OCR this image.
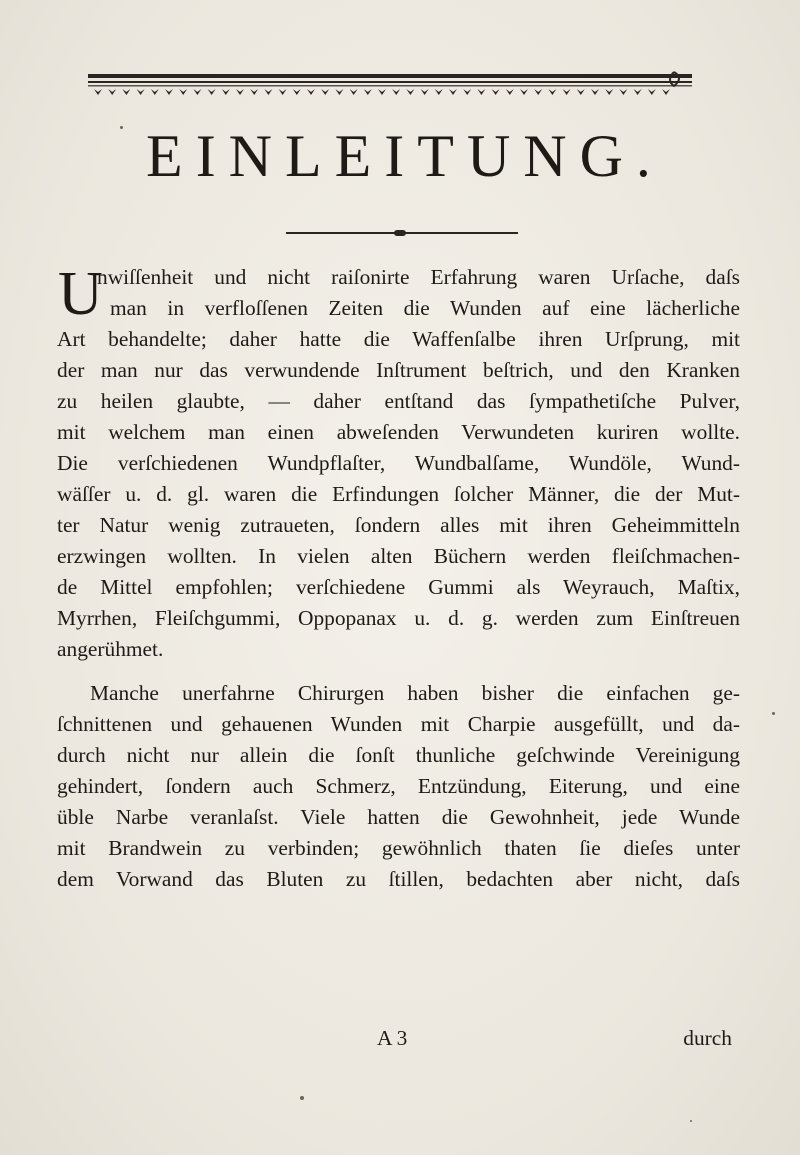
EINLEITUNG.
U
nwiſſenheit und nicht raiſonirte Erfahrung waren Urſache, daſs
man in verfloſſenen Zeiten die Wunden auf eine lächerliche
Art behandelte; daher hatte die Waffenſalbe ihren Urſprung, mit
der man nur das verwundende Inſtrument beſtrich, und den Kranken
zu heilen glaubte, — daher entſtand das ſympathetiſche Pulver,
mit welchem man einen abweſenden Verwundeten kuriren wollte.
Die verſchiedenen Wundpflaſter, Wundbalſame, Wundöle, Wund-
wäſſer u. d. gl. waren die Erfindungen ſolcher Männer, die der Mut-
ter Natur wenig zutraueten, ſondern alles mit ihren Geheimmitteln
erzwingen wollten. In vielen alten Büchern werden fleiſchmachen-
de Mittel empfohlen; verſchiedene Gummi als Weyrauch, Maſtix,
Myrrhen, Fleiſchgummi, Oppopanax u. d. g. werden zum Einſtreuen
angerühmet.
Manche unerfahrne Chirurgen haben bisher die einfachen ge-
ſchnittenen und gehauenen Wunden mit Charpie ausgefüllt, und da-
durch nicht nur allein die ſonſt thunliche geſchwinde Vereinigung
gehindert, ſondern auch Schmerz, Entzündung, Eiterung, und eine
üble Narbe veranlaſst. Viele hatten die Gewohnheit, jede Wunde
mit Brandwein zu verbinden; gewöhnlich thaten ſie dieſes unter
dem Vorwand das Bluten zu ſtillen, bedachten aber nicht, daſs
A 3	durch
